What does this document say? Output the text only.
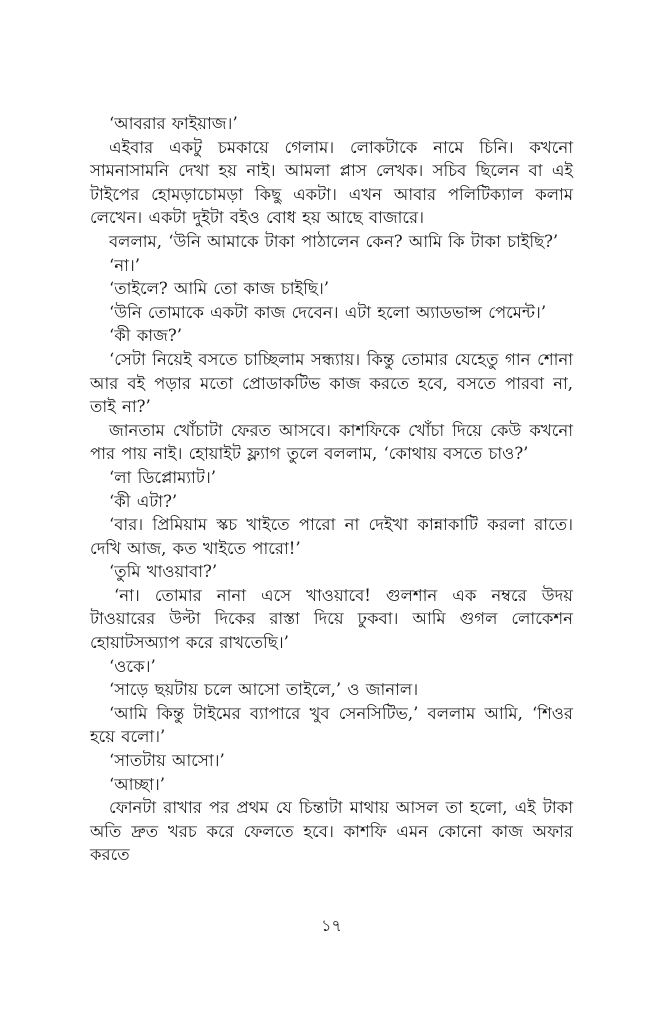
‘আবরার ফাইয়াজ।’

এইবার একটু চমকায়ে গেলাম। লোকটাকে নামে চিনি। কখনো সামনাসামনি দেখা হয় নাই। আমলা প্লাস লেখক। সচিব ছিলেন বা এই টাইপের হোমড়াচোমড়া কিছু একটা। এখন আবার পলিটিক্যাল কলাম লেখেন। একটা দুইটা বইও বোধ হয় আছে বাজারে।

বললাম, ‘উনি আমাকে টাকা পাঠালেন কেন? আমি কি টাকা চাইছি?’

‘না।’

‘তাইলে? আমি তো কাজ চাইছি।’

‘উনি তোমাকে একটা কাজ দেবেন। এটা হলো অ্যাডভান্স পেমেন্ট।’

‘কী কাজ?’

‘সেটা নিয়েই বসতে চাচ্ছিলাম সন্ধ্যায়। কিন্তু তোমার যেহেতু গান শোনা আর বই পড়ার মতো প্রোডাকটিভ কাজ করতে হবে, বসতে পারবা না, তাই না?’

জানতাম খোঁচাটা ফেরত আসবে। কাশফিকে খোঁচা দিয়ে কেউ কখনো পার পায় নাই। হোয়াইট ফ্ল্যাগ তুলে বললাম, ‘কোথায় বসতে চাও?’

‘লা ডিপ্লোম্যাট।’

‘কী এটা?’

‘বার। প্রিমিয়াম স্কচ খাইতে পারো না দেইখা কান্নাকাটি করলা রাতে। দেখি আজ, কত খাইতে পারো!’

‘তুমি খাওয়াবা?’

‘না। তোমার নানা এসে খাওয়াবে! গুলশান এক নম্বরে উদয় টাওয়ারের উল্টা দিকের রাস্তা দিয়ে ঢুকবা। আমি গুগল লোকেশন হোয়াটসঅ্যাপ করে রাখতেছি।’

‘ওকে।’

‘সাড়ে ছয়টায় চলে আসো তাইলে,’ ও জানাল।

‘আমি কিন্তু টাইমের ব্যাপারে খুব সেনসিটিভ,’ বললাম আমি, ‘শিওর হয়ে বলো।’

‘সাতটায় আসো।’

‘আচ্ছা।’

ফোনটা রাখার পর প্রথম যে চিন্তাটা মাথায় আসল তা হলো, এই টাকা অতি দ্রুত খরচ করে ফেলতে হবে। কাশফি এমন কোনো কাজ অফার করতে

১৭
